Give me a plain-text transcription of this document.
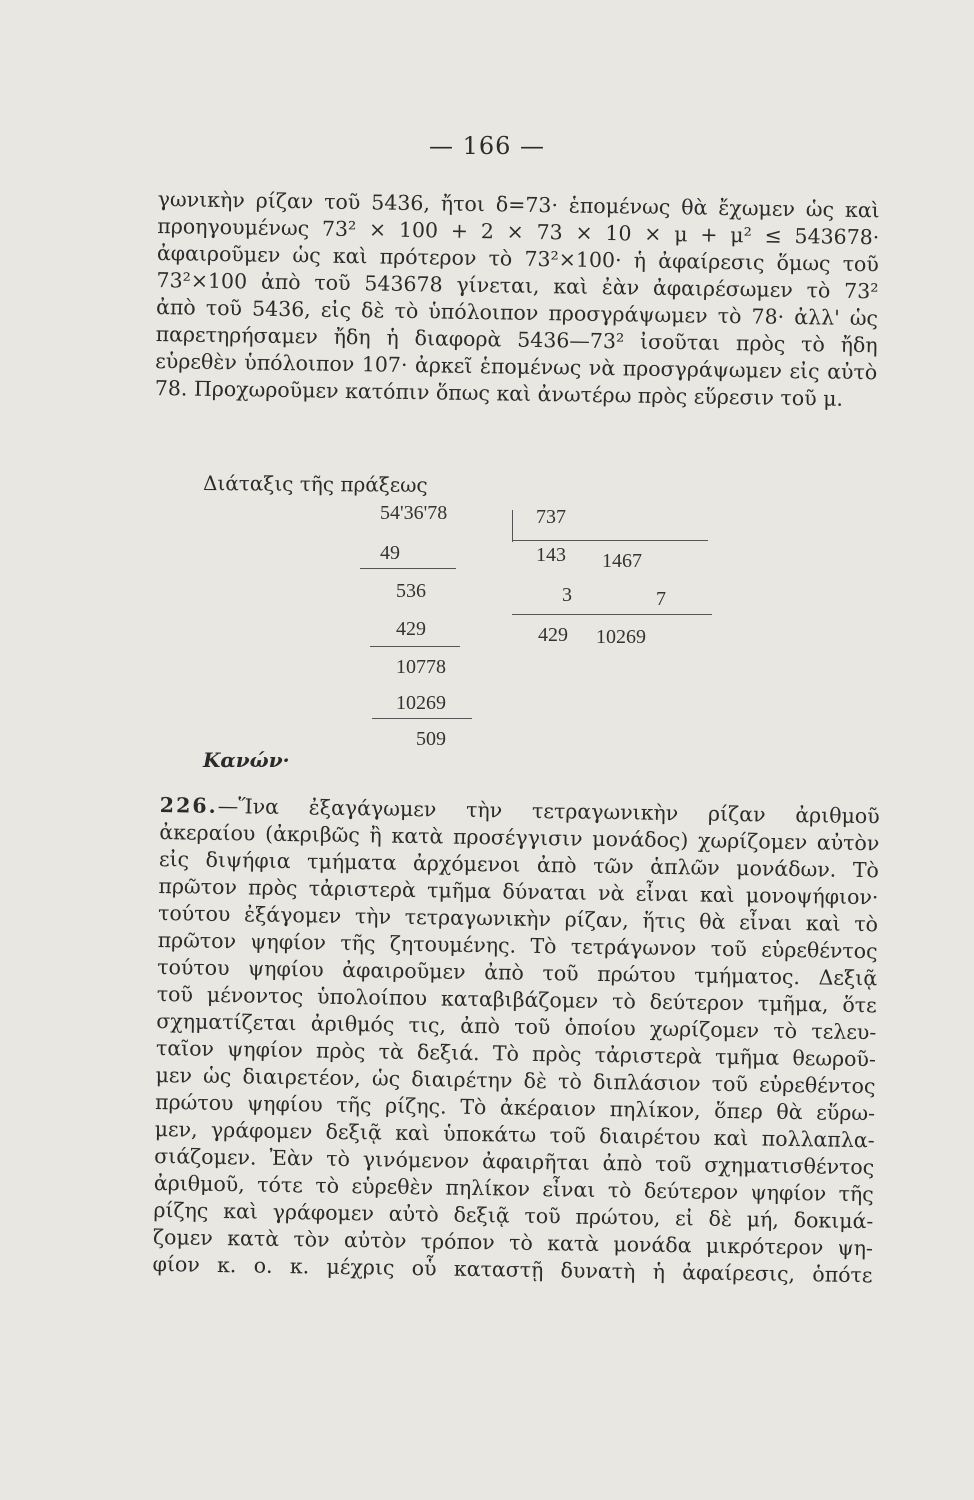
— 166 —
γωνικὴν ρίζαν τοῦ 5436, ἤτοι δ=73· ἑπομένως θὰ ἔχωμεν ὡς καὶ
προηγουμένως 73² × 100 + 2 × 73 × 10 × μ + μ² ≤ 543678·
ἀφαιροῦμεν ὡς καὶ πρότερον τὸ 73²×100· ἡ ἀφαίρεσις ὅμως τοῦ
73²×100 ἀπὸ τοῦ 543678 γίνεται, καὶ ἐὰν ἀφαιρέσωμεν τὸ 73²
ἀπὸ τοῦ 5436, εἰς δὲ τὸ ὑπόλοιπον προσγράψωμεν τὸ 78· ἀλλ' ὡς
παρετηρήσαμεν ἤδη ἡ διαφορὰ 5436—73² ἰσοῦται πρὸς τὸ ἤδη
εὑρεθὲν ὑπόλοιπον 107· ἀρκεῖ ἑπομένως νὰ προσγράψωμεν εἰς αὐτὸ
78. Προχωροῦμεν κατόπιν ὅπως καὶ ἀνωτέρω πρὸς εὕρεσιν τοῦ μ.
Διάταξις τῆς πράξεως
54'36'78
49
536
429
10778
10269
509
737
143 1467
3	7
429 10269
Κανών·
226.—Ἵνα ἐξαγάγωμεν τὴν τετραγωνικὴν ρίζαν ἀριθμοῦ
ἀκεραίου (ἀκριβῶς ἢ κατὰ προσέγγισιν μονάδος) χωρίζομεν αὐτὸν
εἰς διψήφια τμήματα ἀρχόμενοι ἀπὸ τῶν ἁπλῶν μονάδων. Τὸ
πρῶτον πρὸς τἀριστερὰ τμῆμα δύναται νὰ εἶναι καὶ μονοψήφιον·
τούτου ἐξάγομεν τὴν τετραγωνικὴν ρίζαν, ἥτις θὰ εἶναι καὶ τὸ
πρῶτον ψηφίον τῆς ζητουμένης. Τὸ τετράγωνον τοῦ εὑρεθέντος
τούτου ψηφίου ἀφαιροῦμεν ἀπὸ τοῦ πρώτου τμήματος. Δεξιᾷ
τοῦ μένοντος ὑπολοίπου καταβιβάζομεν τὸ δεύτερον τμῆμα, ὅτε
σχηματίζεται ἀριθμός τις, ἀπὸ τοῦ ὁποίου χωρίζομεν τὸ τελευ-
ταῖον ψηφίον πρὸς τὰ δεξιά. Τὸ πρὸς τἀριστερὰ τμῆμα θεωροῦ-
μεν ὡς διαιρετέον, ὡς διαιρέτην δὲ τὸ διπλάσιον τοῦ εὑρεθέντος
πρώτου ψηφίου τῆς ρίζης. Τὸ ἀκέραιον πηλίκον, ὅπερ θὰ εὕρω-
μεν, γράφομεν δεξιᾷ καὶ ὑποκάτω τοῦ διαιρέτου καὶ πολλαπλα-
σιάζομεν. Ἐὰν τὸ γινόμενον ἀφαιρῆται ἀπὸ τοῦ σχηματισθέντος
ἀριθμοῦ, τότε τὸ εὑρεθὲν πηλίκον εἶναι τὸ δεύτερον ψηφίον τῆς
ρίζης καὶ γράφομεν αὐτὸ δεξιᾷ τοῦ πρώτου, εἰ δὲ μή, δοκιμά-
ζομεν κατὰ τὸν αὐτὸν τρόπον τὸ κατὰ μονάδα μικρότερον ψη-
φίον κ. ο. κ. μέχρις οὗ καταστῇ δυνατὴ ἡ ἀφαίρεσις, ὁπότε
